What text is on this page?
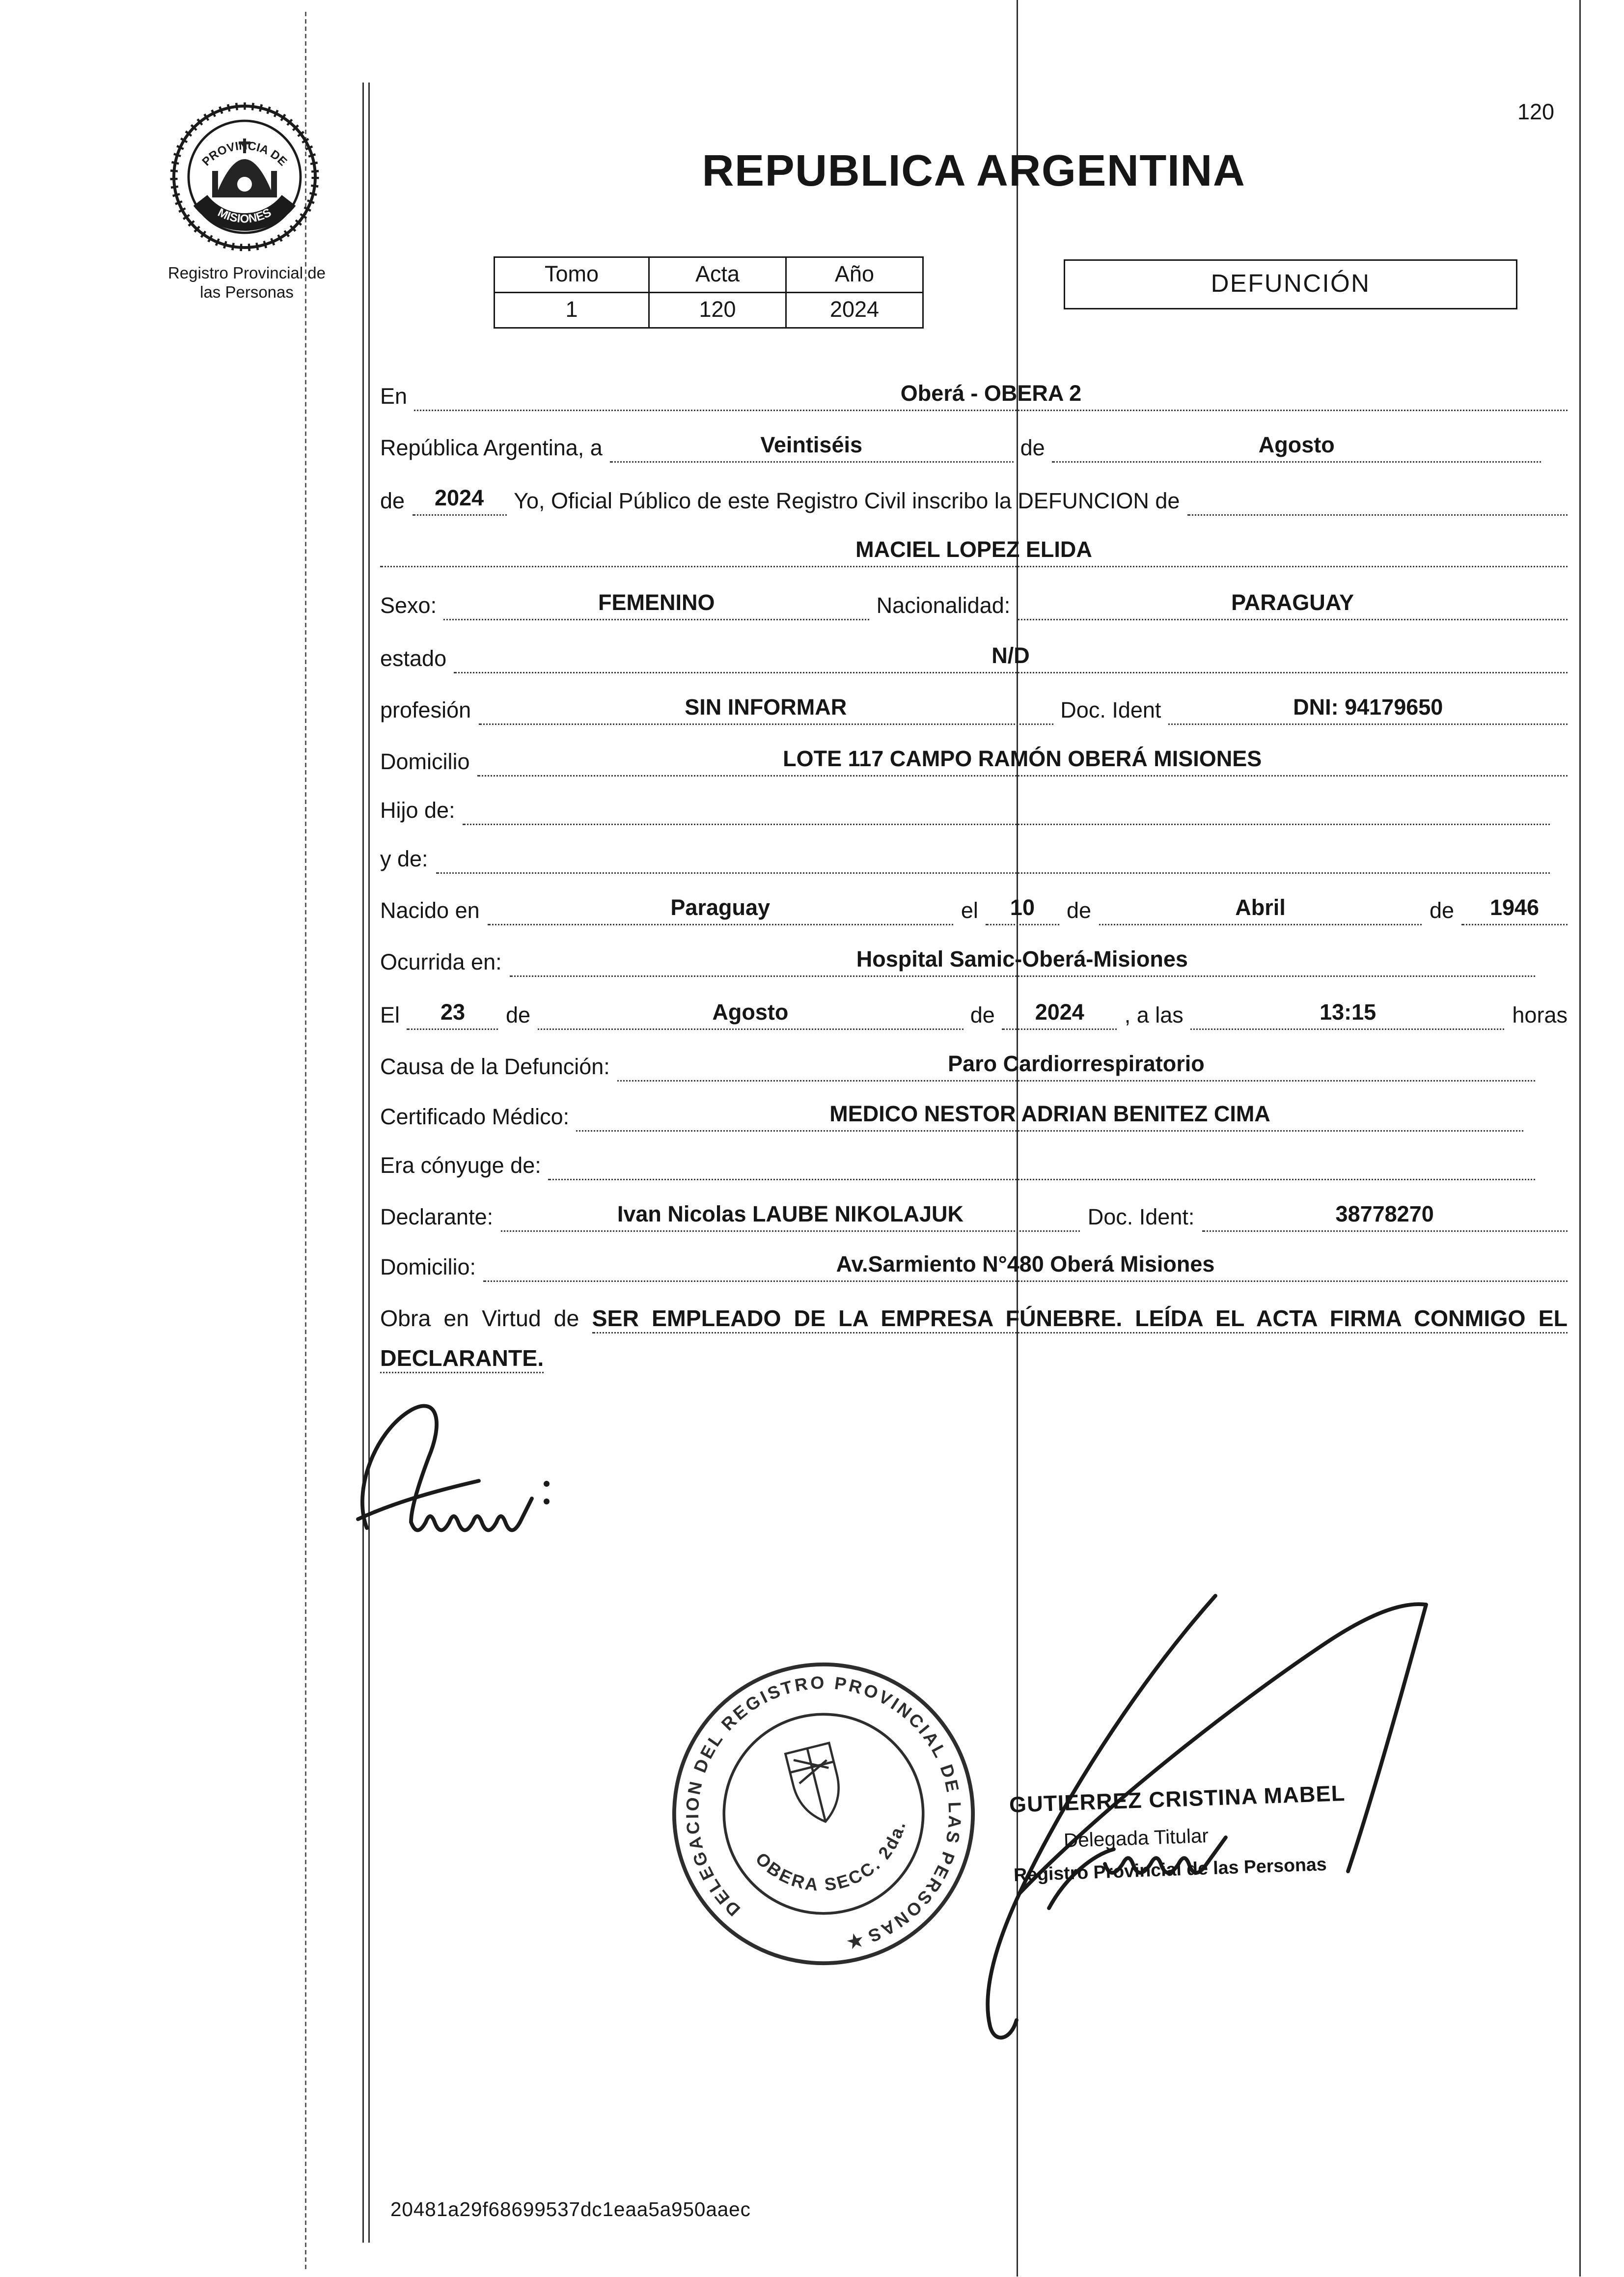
120
PROVINCIA DE
MISIONES
Registro Provincial de
las Personas
REPUBLICA ARGENTINA
Tomo	Acta	Año
1	120	2024
DEFUNCIÓN
En	Oberá - OBERA 2
República Argentina, a	Veintiséis	de	Agosto
de	2024	Yo, Oficial Público de este Registro Civil inscribo la DEFUNCION de
MACIEL LOPEZ ELIDA
Sexo:	FEMENINO	Nacionalidad:	PARAGUAY
estado	N/D
profesión	SIN INFORMAR	Doc. Ident	DNI: 94179650
Domicilio	LOTE 117 CAMPO RAMÓN OBERÁ MISIONES
Hijo de:
y de:
Nacido en	Paraguay	el	10	de	Abril	de	1946
Ocurrida en:	Hospital Samic-Oberá-Misiones
El	23	de	Agosto	de	2024	, a las	13:15	horas
Causa de la Defunción:	Paro Cardiorrespiratorio
Certificado Médico:	MEDICO NESTOR ADRIAN BENITEZ CIMA
Era cónyuge de:
Declarante:	Ivan Nicolas LAUBE NIKOLAJUK	Doc. Ident:	38778270
Domicilio:	Av.Sarmiento N°480 Oberá Misiones
Obra en Virtud de SER EMPLEADO DE LA EMPRESA FÚNEBRE. LEÍDA EL ACTA FIRMA CONMIGO EL DECLARANTE.
DELEGACION DEL REGISTRO PROVINCIAL DE LAS PERSONAS
OBERA SECC. 2da.
★
GUTIERREZ CRISTINA MABEL
Delegada Titular
Registro Provincial de las Personas
20481a29f68699537dc1eaa5a950aaec
